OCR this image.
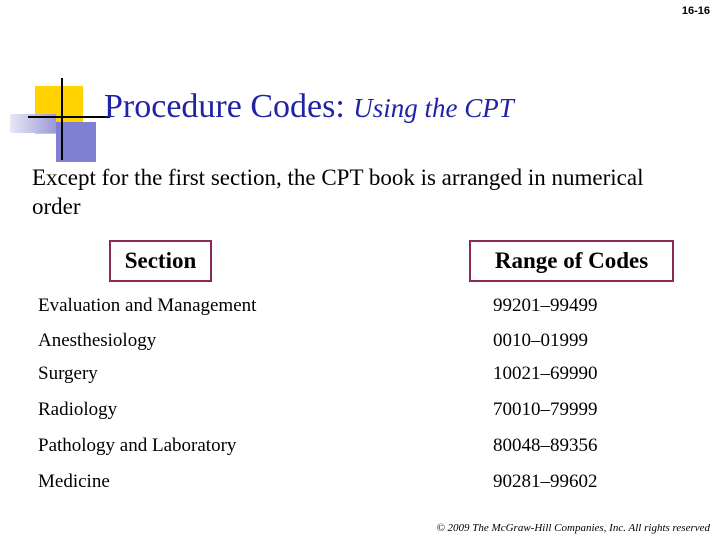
16-16
Procedure Codes: Using the CPT
Except for the first section, the CPT book is arranged in numerical order
Section	Range of Codes
Evaluation and Management	99201–99499
Anesthesiology	0010–01999
Surgery	10021–69990
Radiology	70010–79999
Pathology and Laboratory	80048–89356
Medicine	90281–99602
© 2009 The McGraw-Hill Companies, Inc. All rights reserved
